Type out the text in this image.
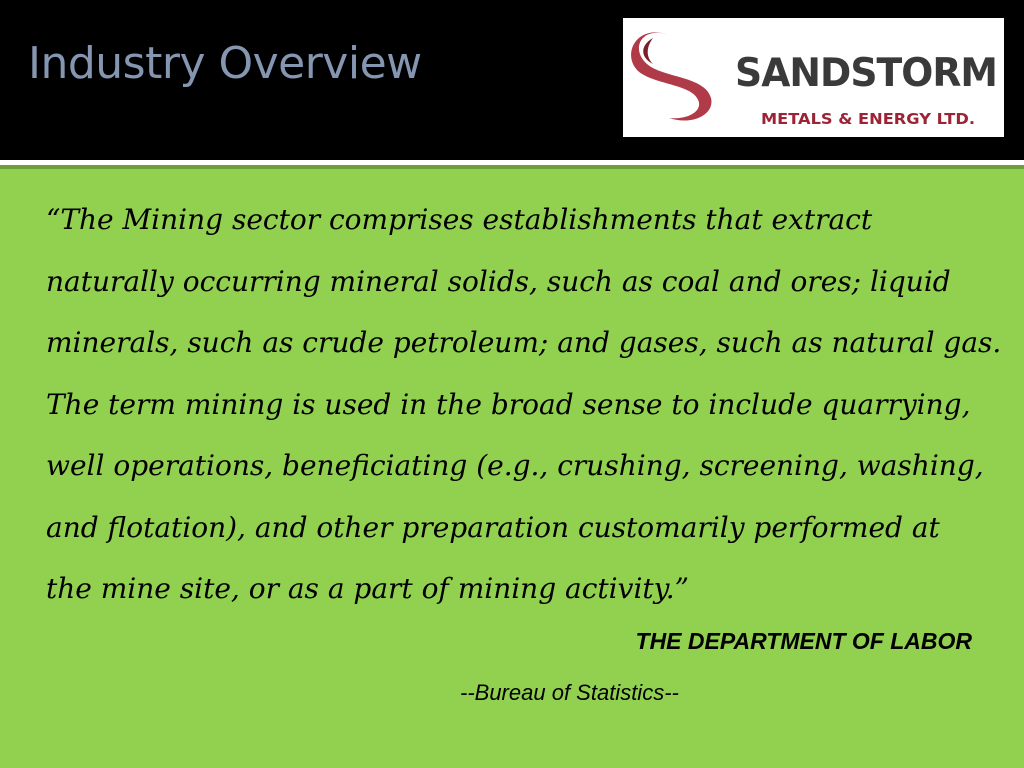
Industry Overview	SANDSTORM
METALS & ENERGY LTD.

“The Mining sector comprises establishments that extract
naturally occurring mineral solids, such as coal and ores; liquid
minerals, such as crude petroleum; and gases, such as natural gas.
The term mining is used in the broad sense to include quarrying,
well operations, beneficiating (e.g., crushing, screening, washing,
and flotation), and other preparation customarily performed at
the mine site, or as a part of mining activity.”

THE DEPARTMENT OF LABOR

--Bureau of Statistics--
